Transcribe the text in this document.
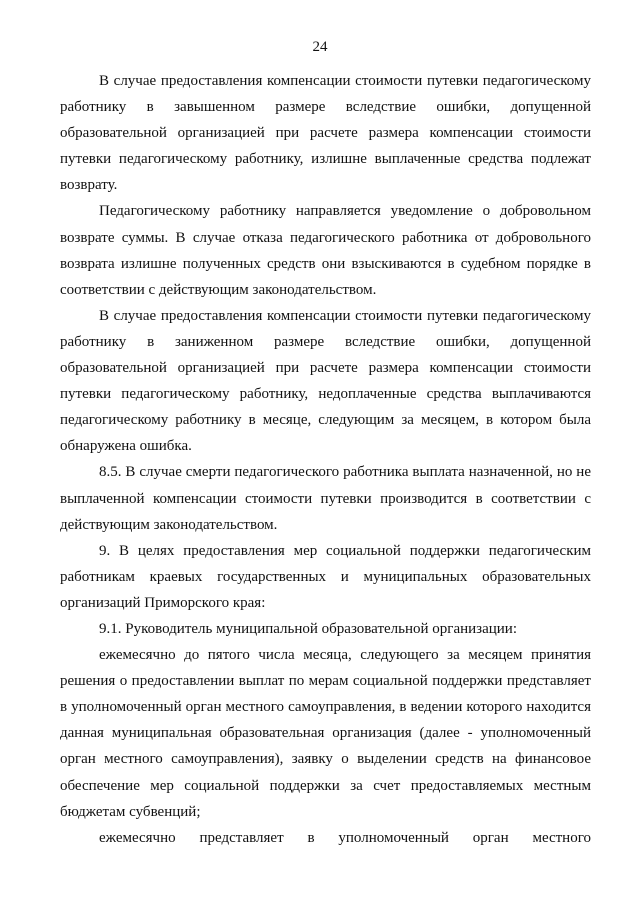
24

В случае предоставления компенсации стоимости путевки педагогическому работнику в завышенном размере вследствие ошибки, допущенной образовательной организацией при расчете размера компенсации стоимости путевки педагогическому работнику, излишне выплаченные средства подлежат возврату.

Педагогическому работнику направляется уведомление о добровольном возврате суммы. В случае отказа педагогического работника от добровольного возврата излишне полученных средств они взыскиваются в судебном порядке в соответствии с действующим законодательством.

В случае предоставления компенсации стоимости путевки педагогическому работнику в заниженном размере вследствие ошибки, допущенной образовательной организацией при расчете размера компенсации стоимости путевки педагогическому работнику, недоплаченные средства выплачиваются педагогическому работнику в месяце, следующим за месяцем, в котором была обнаружена ошибка.

8.5. В случае смерти педагогического работника выплата назначенной, но не выплаченной компенсации стоимости путевки производится в соответствии с действующим законодательством.

9. В целях предоставления мер социальной поддержки педагогическим работникам краевых государственных и муниципальных образовательных организаций Приморского края:

9.1. Руководитель муниципальной образовательной организации:

ежемесячно до пятого числа месяца, следующего за месяцем принятия решения о предоставлении выплат по мерам социальной поддержки представляет в уполномоченный орган местного самоуправления, в ведении которого находится данная муниципальная образовательная организация (далее - уполномоченный орган местного самоуправления), заявку о выделении средств на финансовое обеспечение мер социальной поддержки за счет предоставляемых местным бюджетам субвенций;

ежемесячно представляет в уполномоченный орган местного
